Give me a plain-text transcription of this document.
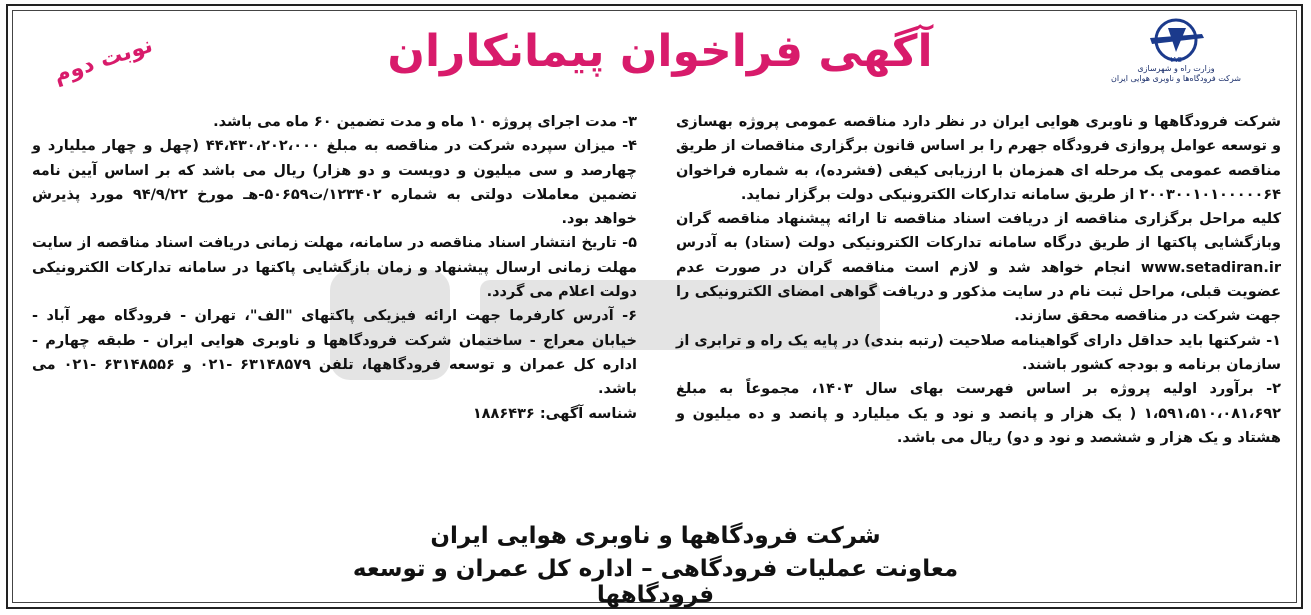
IAC
وزارت راه و شهرسازی
شرکت فرودگاه‌ها و ناوبری هوایی ایران
آگهی فراخوان پیمانکاران
نوبت دوم

شرکت فرودگاهها و ناوبری هوایی ایران در نظر دارد مناقصه عمومی پروژه بهسازی و توسعه عوامل پروازی فرودگاه جهرم را بر اساس قانون برگزاری مناقصات از طریق مناقصه عمومی یک مرحله ای همزمان با ارزیابی کیفی (فشرده)، به شماره فراخوان ۲۰۰۳۰۰۱۰۱۰۰۰۰۰۶۴ از طریق سامانه تدارکات الکترونیکی دولت برگزار نماید.

کلیه مراحل برگزاری مناقصه از دریافت اسناد مناقصه تا ارائه پیشنهاد مناقصه گران وبازگشایی پاکتها از طریق درگاه سامانه تدارکات الکترونیکی دولت (ستاد) به آدرس www.setadiran.ir انجام خواهد شد و لازم است مناقصه گران در صورت عدم عضویت قبلی، مراحل ثبت نام در سایت مذکور و دریافت گواهی امضای الکترونیکی را جهت شرکت در مناقصه محقق سازند.

۱- شرکتها باید حداقل دارای گواهینامه صلاحیت (رتبه بندی) در پایه یک راه و ترابری از سازمان برنامه و بودجه کشور باشند.

۲- برآورد اولیه پروژه بر اساس فهرست بهای سال ۱۴۰۳، مجموعاً به مبلغ ۱،۵۹۱،۵۱۰،۰۸۱،۶۹۲ ( یک هزار و پانصد و نود و یک میلیارد و پانصد و ده میلیون و هشتاد و یک هزار و ششصد و نود و دو) ریال می باشد.

۳- مدت اجرای پروژه ۱۰ ماه و مدت تضمین ۶۰ ماه می باشد.

۴- میزان سپرده شرکت در مناقصه به مبلغ ۴۴،۴۳۰،۲۰۲،۰۰۰ (چهل و چهار میلیارد و چهارصد و سی میلیون و دویست و دو هزار) ریال می باشد که بر اساس آیین نامه تضمین معاملات دولتی به شماره ۱۲۳۴۰۲/ت۵۰۶۵۹-هـ مورخ ۹۴/۹/۲۲ مورد پذیرش خواهد بود.

۵- تاریخ انتشار اسناد مناقصه در سامانه، مهلت زمانی دریافت اسناد مناقصه از سایت مهلت زمانی ارسال پیشنهاد و زمان بازگشایی پاکتها در سامانه تدارکات الکترونیکی دولت اعلام می گردد.

۶- آدرس کارفرما جهت ارائه فیزیکی پاکتهای "الف"، تهران - فرودگاه مهر آباد - خیابان معراج - ساختمان شرکت فرودگاهها و ناوبری هوایی ایران - طبقه چهارم - اداره کل عمران و توسعه فرودگاهها، تلفن ۶۳۱۴۸۵۷۹ -۰۲۱ و ۶۳۱۴۸۵۵۶ -۰۲۱ می باشد.

شناسه آگهی: ۱۸۸۶۴۳۶

شرکت فرودگاهها و ناوبری هوایی ایران
معاونت عملیات فرودگاهی – اداره کل عمران و توسعه فرودگاهها
